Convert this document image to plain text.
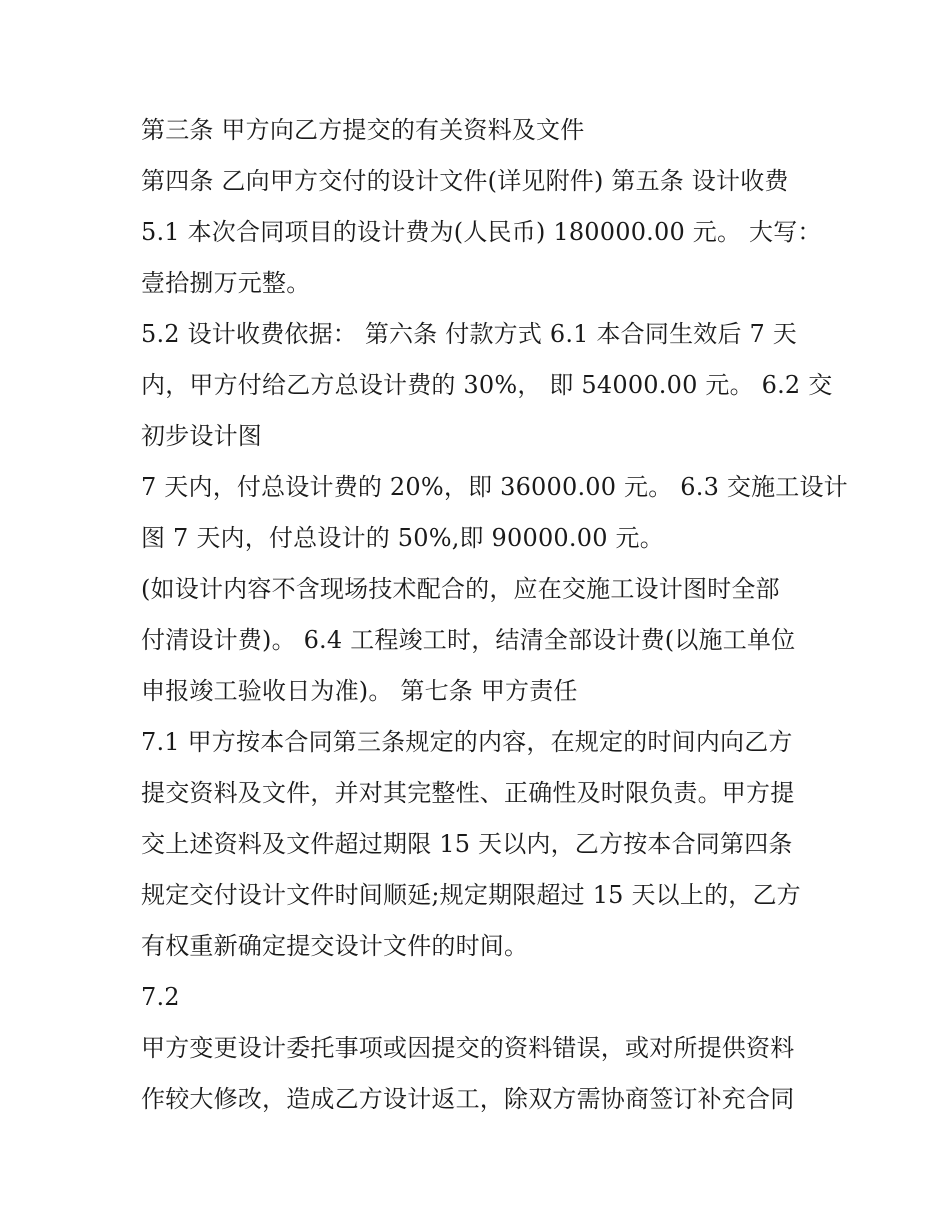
第三条 甲方向乙方提交的有关资料及文件
第四条 乙向甲方交付的设计文件(详见附件) 第五条 设计收费
5.1 本次合同项目的设计费为(人民币) 180000.00 元。 大写：
壹拾捌万元整。
5.2 设计收费依据： 第六条 付款方式 6.1 本合同生效后 7 天
内，甲方付给乙方总设计费的 30%， 即 54000.00 元。 6.2 交
初步设计图
7 天内，付总设计费的 20%，即 36000.00 元。 6.3 交施工设计
图 7 天内，付总设计的 50%,即 90000.00 元。
(如设计内容不含现场技术配合的，应在交施工设计图时全部
付清设计费)。 6.4 工程竣工时，结清全部设计费(以施工单位
申报竣工验收日为准)。 第七条 甲方责任
7.1 甲方按本合同第三条规定的内容，在规定的时间内向乙方
提交资料及文件，并对其完整性、正确性及时限负责。甲方提
交上述资料及文件超过期限 15 天以内，乙方按本合同第四条
规定交付设计文件时间顺延;规定期限超过 15 天以上的，乙方
有权重新确定提交设计文件的时间。
7.2
甲方变更设计委托事项或因提交的资料错误，或对所提供资料
作较大修改，造成乙方设计返工，除双方需协商签订补充合同
